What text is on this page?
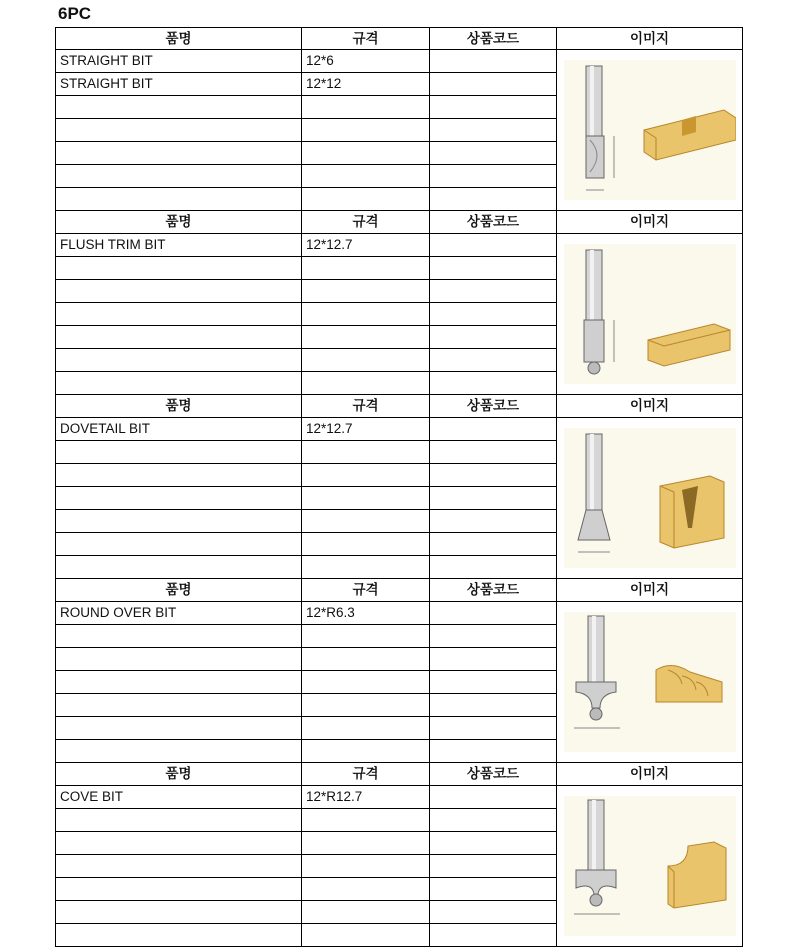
6PC
품명	규격	상품코드	이미지
STRAIGHT BIT	12*6		

STRAIGHT BIT	12*12		

품명	규격	상품코드	이미지
FLUSH TRIM BIT	12*12.7		

품명	규격	상품코드	이미지
DOVETAIL BIT	12*12.7		

품명	규격	상품코드	이미지
ROUND OVER BIT	12*R6.3		

품명	규격	상품코드	이미지
COVE BIT	12*R12.7		
